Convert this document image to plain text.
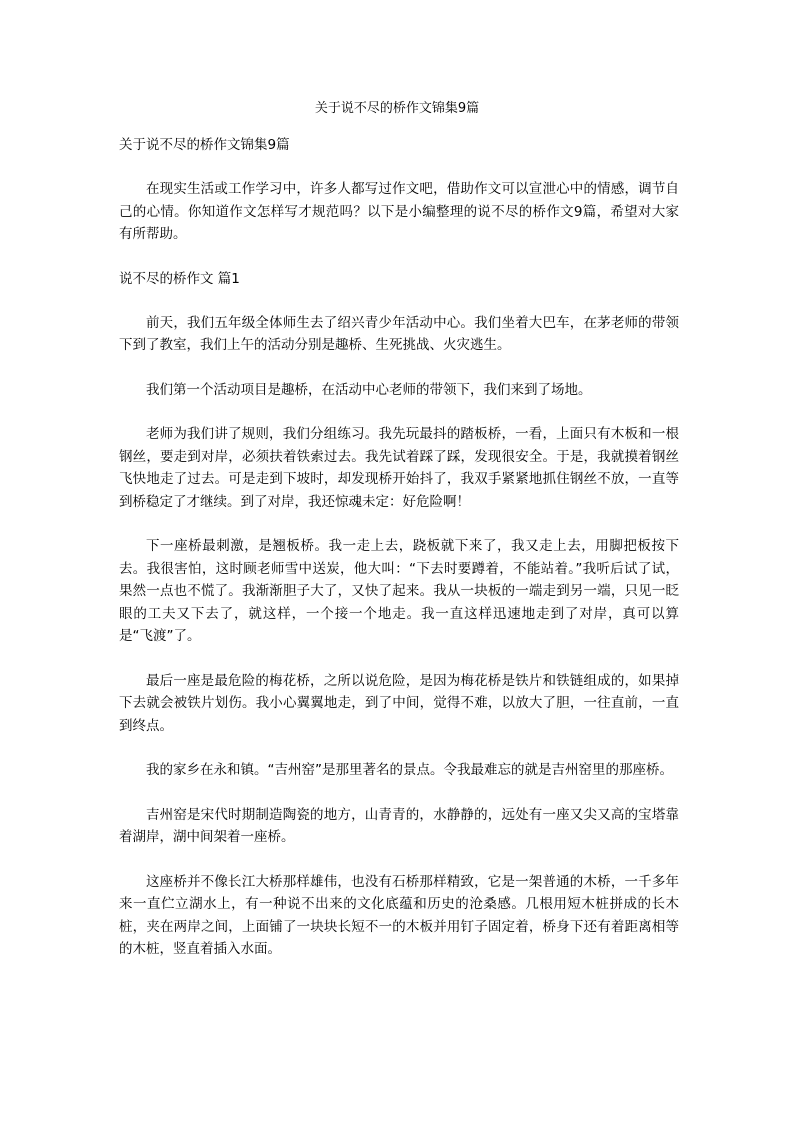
关于说不尽的桥作文锦集9篇

关于说不尽的桥作文锦集9篇

在现实生活或工作学习中，许多人都写过作文吧，借助作文可以宣泄心中的情感，调节自己的心情。你知道作文怎样写才规范吗？以下是小编整理的说不尽的桥作文9篇，希望对大家有所帮助。

说不尽的桥作文 篇1

前天，我们五年级全体师生去了绍兴青少年活动中心。我们坐着大巴车，在茅老师的带领下到了教室，我们上午的活动分别是趣桥、生死挑战、火灾逃生。

我们第一个活动项目是趣桥，在活动中心老师的带领下，我们来到了场地。

老师为我们讲了规则，我们分组练习。我先玩最抖的踏板桥，一看，上面只有木板和一根钢丝，要走到对岸，必须扶着铁索过去。我先试着踩了踩，发现很安全。于是，我就摸着钢丝飞快地走了过去。可是走到下坡时，却发现桥开始抖了，我双手紧紧地抓住钢丝不放，一直等到桥稳定了才继续。到了对岸，我还惊魂未定：好危险啊！

下一座桥最刺激，是翘板桥。我一走上去，跷板就下来了，我又走上去，用脚把板按下去。我很害怕，这时顾老师雪中送炭，他大叫：“下去时要蹲着，不能站着。”我听后试了试，果然一点也不慌了。我渐渐胆子大了，又快了起来。我从一块板的一端走到另一端，只见一眨眼的工夫又下去了，就这样，一个接一个地走。我一直这样迅速地走到了对岸，真可以算是“飞渡”了。

最后一座是最危险的梅花桥，之所以说危险，是因为梅花桥是铁片和铁链组成的，如果掉下去就会被铁片划伤。我小心翼翼地走，到了中间，觉得不难，以放大了胆，一往直前，一直到终点。

我的家乡在永和镇。“吉州窑”是那里著名的景点。令我最难忘的就是吉州窑里的那座桥。

吉州窑是宋代时期制造陶瓷的地方，山青青的，水静静的，远处有一座又尖又高的宝塔靠着湖岸，湖中间架着一座桥。

这座桥并不像长江大桥那样雄伟，也没有石桥那样精致，它是一架普通的木桥，一千多年来一直伫立湖水上，有一种说不出来的文化底蕴和历史的沧桑感。几根用短木桩拼成的长木桩，夹在两岸之间，上面铺了一块块长短不一的木板并用钉子固定着，桥身下还有着距离相等的木桩，竖直着插入水面。
